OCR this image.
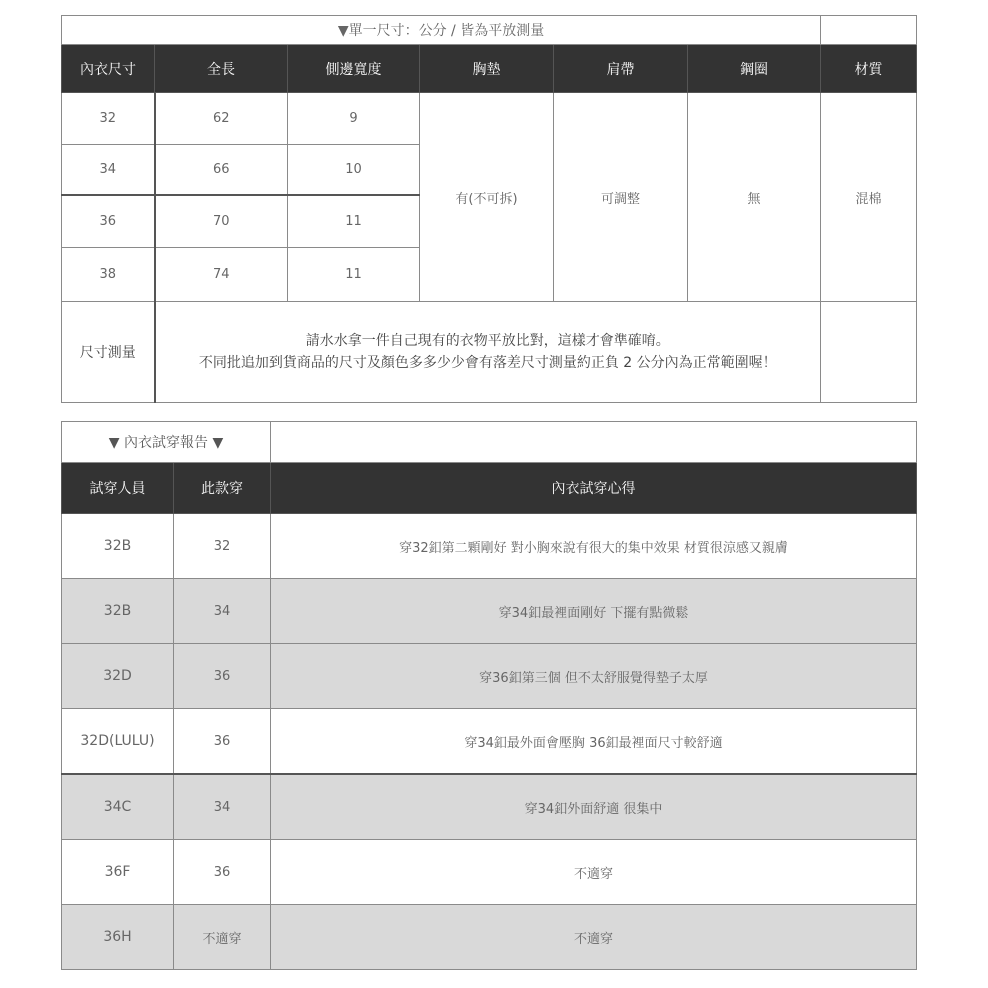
▼單一尺寸：公分 / 皆為平放測量						
內衣尺寸	全長	側邊寬度	胸墊	肩帶	鋼圈	材質
32	62	9	有(不可拆)	可調整	無	混棉
34	66	10				
36	70	11				
38	74	11				
尺寸測量	請水水拿一件自己現有的衣物平放比對，這樣才會準確唷。
不同批追加到貨商品的尺寸及顏色多多少少會有落差尺寸測量約正負 2 公分內為正常範圍喔！					

▼ 內衣試穿報告 ▼		
試穿人員	此款穿	內衣試穿心得
32B	32	穿32釦第二顆剛好 對小胸來說有很大的集中效果 材質很涼感又親膚
32B	34	穿34釦最裡面剛好 下擺有點微鬆
32D	36	穿36釦第三個 但不太舒服覺得墊子太厚
32D(LULU)	36	穿34釦最外面會壓胸 36釦最裡面尺寸較舒適
34C	34	穿34釦外面舒適 很集中
36F	36	不適穿
36H	不適穿	不適穿
